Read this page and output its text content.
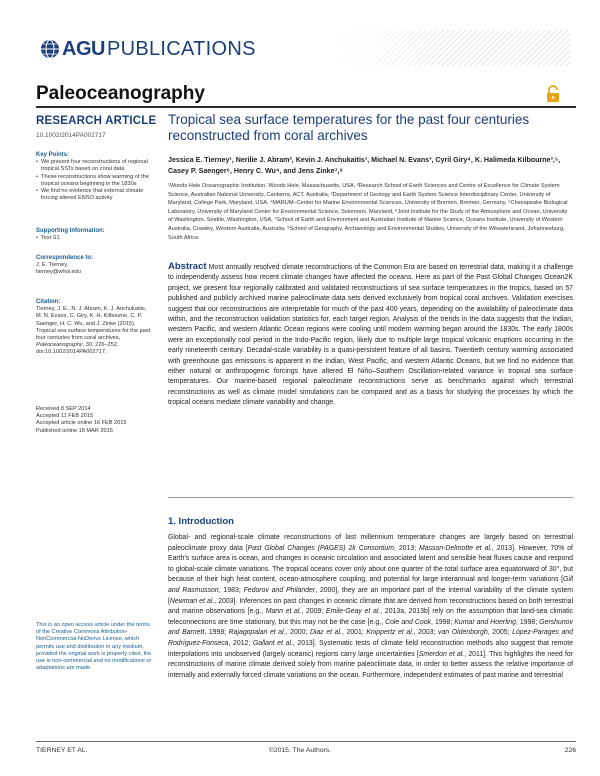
AGU PUBLICATIONS
Paleoceanography
RESEARCH ARTICLE
10.1002/2014PA002717
Key Points:
• We present four reconstructions of regional tropical SSTs based on coral data
• These reconstructions show warming of the tropical oceans beginning in the 1830s
• We find no evidence that external climate forcing altered ENSO activity
Supporting Information:
• Text S1
Correspondence to:
J. E. Tierney,
tierney@whoi.edu
Citation:
Tierney, J. E., N. J. Abram, K. J. Anchukaitis, M. N. Evans, C. Giry, K. H. Kilbourne, C. P. Saenger, H. C. Wu, and J. Zinke (2015), Tropical sea surface temperatures for the past four centuries from coral archives, Paleoceanography, 30, 226–252, doi:10.1002/2014PA002717.
Received 8 SEP 2014
Accepted 11 FEB 2015
Accepted article online 16 FEB 2015
Published online 18 MAR 2015
This is an open access article under the terms of the Creative Commons Attribution-NonCommercial-NoDerivs License, which permits use and distribution in any medium, provided the original work is properly cited, the use is non-commercial and no modifications or adaptations are made.
Tropical sea surface temperatures for the past four centuries reconstructed from coral archives
Jessica E. Tierney¹, Nerilie J. Abram², Kevin J. Anchukaitis¹, Michael N. Evans³, Cyril Giry⁴, K. Halimeda Kilbourne³,⁵, Casey P. Saenger⁶, Henry C. Wu⁴, and Jens Zinke⁷,⁸
¹Woods Hole Oceanographic Institution, Woods Hole, Massachusetts, USA, ²Research School of Earth Sciences and Centre of Excellence for Climate System Science, Australian National University, Canberra, ACT, Australia, ³Department of Geology and Earth System Science Interdisciplinary Center, University of Maryland, College Park, Maryland, USA, ⁴MARUM–Center for Marine Environmental Sciences, University of Bremen, Bremen, Germany, ⁵Chesapeake Biological Laboratory, University of Maryland Center for Environmental Science, Solomons, Maryland, ⁶Joint Institute for the Study of the Atmosphere and Ocean, University of Washington, Seattle, Washington, USA, ⁷School of Earth and Environment and Australian Institute of Marine Science, Oceans Institute, University of Western Australia, Crawley, Western Australia, Australia, ⁸School of Geography, Archaeology and Environmental Studies, University of the Witwatersrand, Johannesburg, South Africa
Abstract Most annually resolved climate reconstructions of the Common Era are based on terrestrial data, making it a challenge to independently assess how recent climate changes have affected the oceans. Here as part of the Past Global Changes Ocean2K project, we present four regionally calibrated and validated reconstructions of sea surface temperatures in the tropics, based on 57 published and publicly archived marine paleoclimate data sets derived exclusively from tropical coral archives. Validation exercises suggest that our reconstructions are interpretable for much of the past 400 years, depending on the availability of paleoclimate data within, and the reconstruction validation statistics for, each target region. Analysis of the trends in the data suggests that the Indian, western Pacific, and western Atlantic Ocean regions were cooling until modern warming began around the 1830s. The early 1800s were an exceptionally cool period in the Indo-Pacific region, likely due to multiple large tropical volcanic eruptions occurring in the early nineteenth century. Decadal-scale variability is a quasi-persistent feature of all basins. Twentieth century warming associated with greenhouse gas emissions is apparent in the Indian, West Pacific, and western Atlantic Oceans, but we find no evidence that either natural or anthropogenic forcings have altered El Niño–Southern Oscillation-related variance in tropical sea surface temperatures. Our marine-based regional paleoclimate reconstructions serve as benchmarks against which terrestrial reconstructions as well as climate model simulations can be compared and as a basis for studying the processes by which the tropical oceans mediate climate variability and change.
1. Introduction
Global- and regional-scale climate reconstructions of last millennium temperature changes are largely based on terrestrial paleoclimate proxy data [Past Global Changes (PAGES) 2k Consortium, 2013; Masson-Delmotte et al., 2013]. However, 70% of Earth's surface area is ocean, and changes in oceanic circulation and associated latent and sensible heat fluxes cause and respond to global-scale climate variations. The tropical oceans cover only about one quarter of the total surface area equatorward of 30°, but because of their high heat content, ocean-atmosphere coupling, and potential for large interannual and longer-term variations [Gill and Rasmusson, 1983; Fedorov and Philander, 2000], they are an important part of the internal variability of the climate system [Newman et al., 2003]. Inferences on past changes in oceanic climate that are derived from reconstructions based on both terrestrial and marine observations [e.g., Mann et al., 2009; Emile-Geay et al., 2013a, 2013b] rely on the assumption that land-sea climatic teleconnections are time stationary, but this may not be the case [e.g., Cole and Cook, 1998; Kumar and Hoerling, 1998; Gershunov and Barnett, 1998; Rajagopalan et al., 2000; Diaz et al., 2001; Knippertz et al., 2003; van Oldenborgh, 2005; López-Parages and Rodríguez-Fonseca, 2012; Gallant et al., 2013]. Systematic tests of climate field reconstruction methods also suggest that remote interpolations into unobserved (largely oceanic) regions carry large uncertainties [Smerdon et al., 2011]. This highlights the need for reconstructions of marine climate derived solely from marine paleoclimate data, in order to better assess the relative importance of internally and externally forced climate variations on the ocean. Furthermore, independent estimates of past marine and terrestrial
TIERNEY ET AL.	©2015. The Authors.	226
